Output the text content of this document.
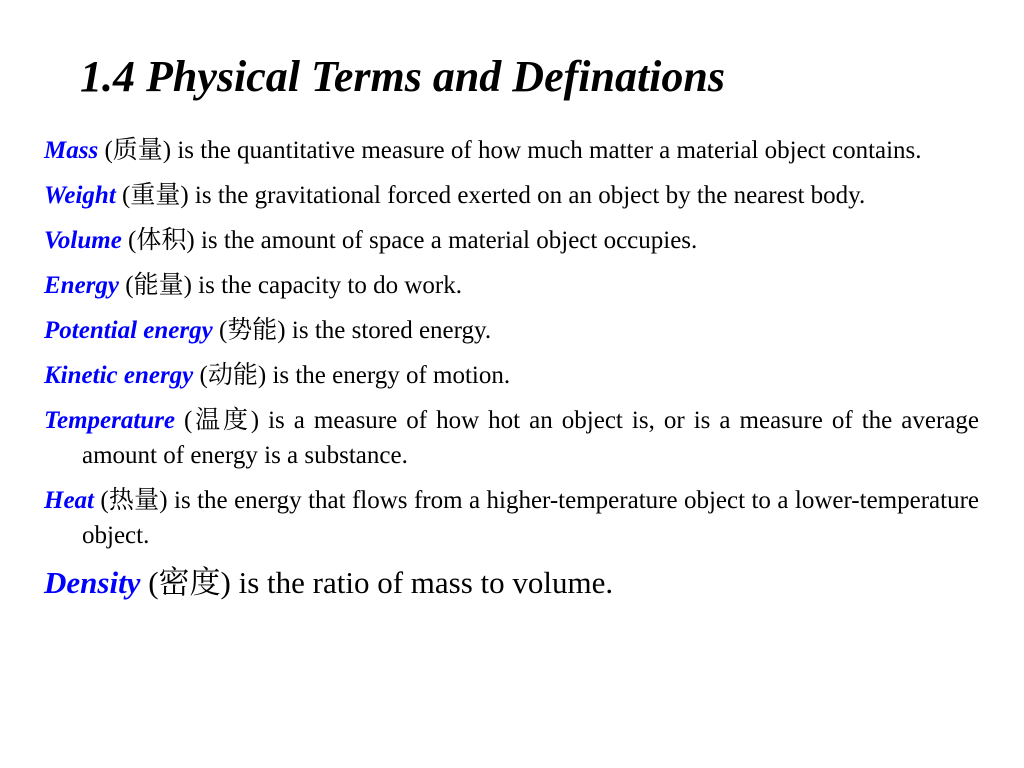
1.4 Physical Terms and Definations
Mass (质量) is the quantitative measure of how much matter a material object contains.
Weight (重量) is the gravitational forced exerted on an object by the nearest body.
Volume (体积) is the amount of space a material object occupies.
Energy (能量) is the capacity to do work.
Potential energy (势能) is the stored energy.
Kinetic energy (动能) is the energy of motion.
Temperature (温度) is a measure of how hot an object is, or is a measure of the average amount of energy is a substance.
Heat (热量) is the energy that flows from a higher-temperature object to a lower-temperature object.
Density (密度) is the ratio of mass to volume.
